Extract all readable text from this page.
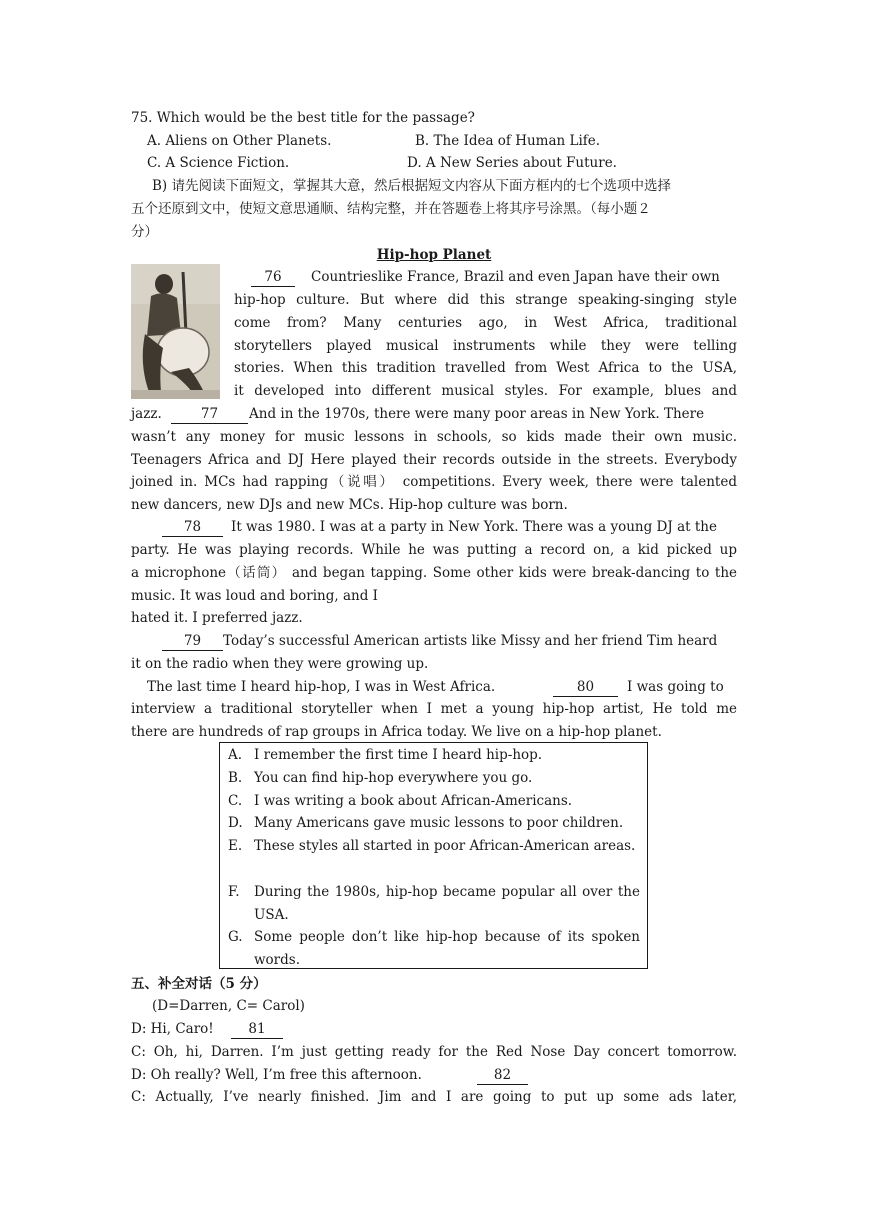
75. Which would be the best title for the passage?
A. Aliens on Other Planets.	B. The Idea of Human Life.
C. A Science Fiction.	D. A New Series about Future.
B) 请先阅读下面短文，掌握其大意，然后根据短文内容从下面方框内的七个选项中选择
五个还原到文中，使短文意思通顺、结构完整，并在答题卷上将其序号涂黑。（每小题２
分）
Hip-hop Planet
76	Countrieslike France, Brazil and even Japan have their own
hip-hop culture. But where did this strange speaking-singing style
come from? Many centuries ago, in West Africa, traditional
storytellers played musical instruments while they were telling
stories. When this tradition travelled from West Africa to the USA,
it developed into different musical styles. For example, blues and
jazz.	77	And in the 1970s, there were many poor areas in New York. There
wasn’t any money for music lessons in schools, so kids made their own music.
Teenagers Africa and DJ Here played their records outside in the streets. Everybody
joined in. MCs had rapping（说唱） competitions. Every week, there were talented
new dancers, new DJs and new MCs. Hip-hop culture was born.
78	It was 1980. I was at a party in New York. There was a young DJ at the
party. He was playing records. While he was putting a record on, a kid picked up
a microphone（话筒） and began tapping. Some other kids were break-dancing to the
music. It was loud and boring, and I
hated it. I preferred jazz.
79	Today’s successful American artists like Missy and her friend Tim heard
it on the radio when they were growing up.
The last time I heard hip-hop, I was in West Africa.	80	I was going to
interview a traditional storyteller when I met a young hip-hop artist, He told me
there are hundreds of rap groups in Africa today. We live on a hip-hop planet.
A. I remember the first time I heard hip-hop.
B. You can find hip-hop everywhere you go.
C. I was writing a book about African-Americans.
D. Many Americans gave music lessons to poor children.
E. These styles all started in poor African-American areas.
F. During the 1980s, hip-hop became popular all over the USA.
G. Some people don’t like hip-hop because of its spoken words.
五、补全对话（5 分）
(D=Darren, C= Carol)
D: Hi, Caro!	81
C: Oh, hi, Darren. I’m just getting ready for the Red Nose Day concert tomorrow.
D: Oh really? Well, I’m free this afternoon.	82
C: Actually, I’ve nearly finished. Jim and I are going to put up some ads later,
